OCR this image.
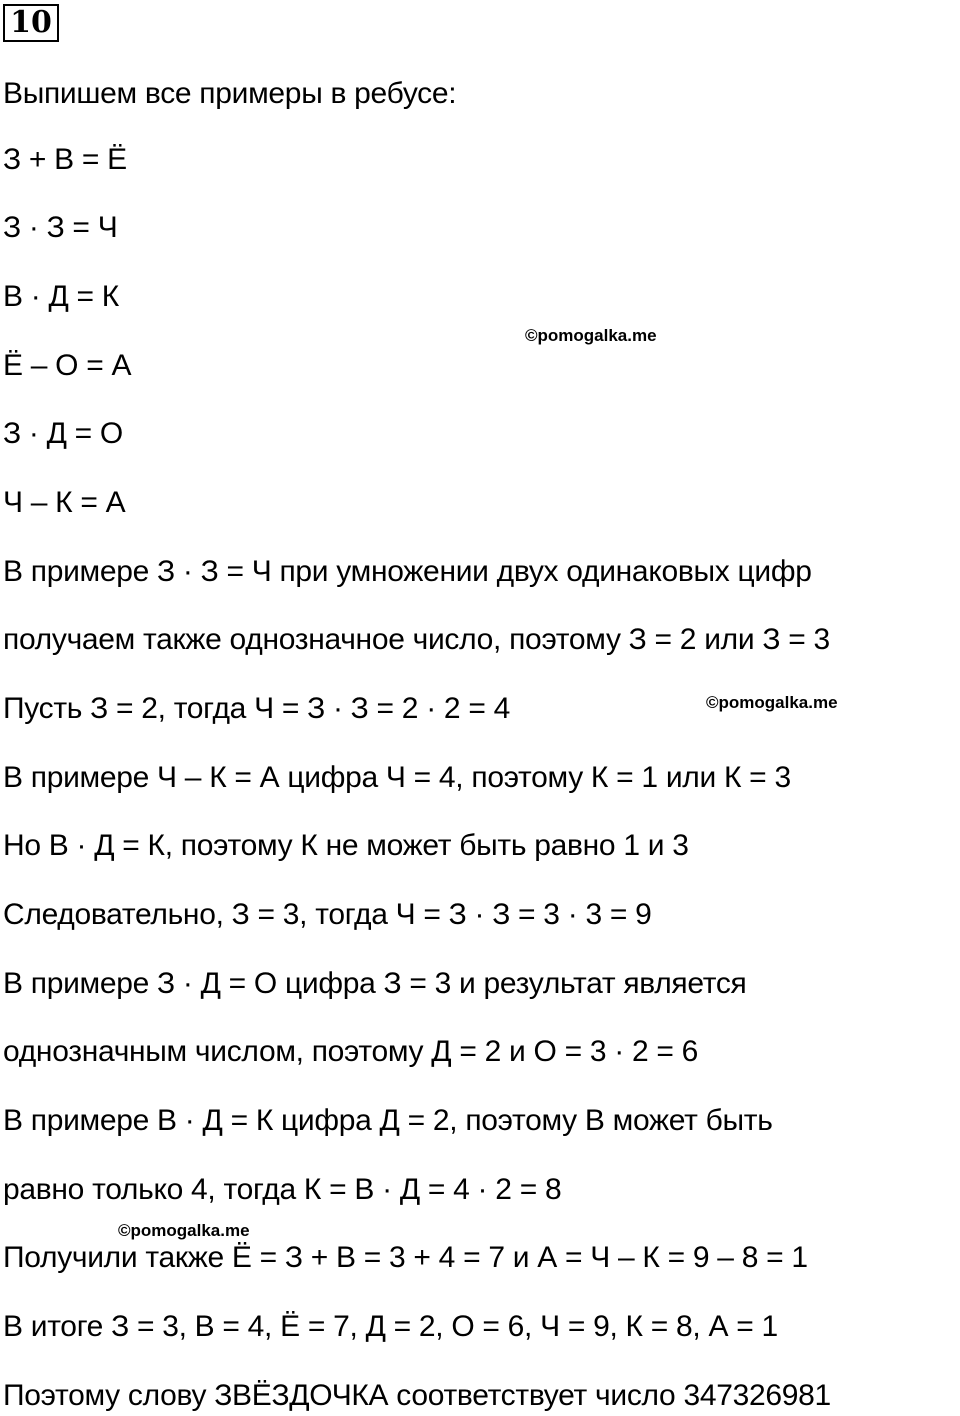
10
Выпишем все примеры в ребусе:
З + В = Ё
З · З = Ч
В · Д = К
Ё – О = А
З · Д = О
Ч – К = А
В примере З · З = Ч при умножении двух одинаковых цифр
получаем также однозначное число, поэтому З = 2 или З = 3
Пусть З = 2, тогда Ч = З · З = 2 · 2 = 4
В примере Ч – К = А цифра Ч = 4, поэтому К = 1 или К = 3
Но В · Д = К, поэтому К не может быть равно 1 и 3
Следовательно, З = 3, тогда Ч = З · З = 3 · 3 = 9
В примере З · Д = О цифра З = 3 и результат является
однозначным числом, поэтому Д = 2 и О = 3 · 2 = 6
В примере В · Д = К цифра Д = 2, поэтому В может быть
равно только 4, тогда К = В · Д = 4 · 2 = 8
Получили также Ё = З + В = 3 + 4 = 7 и А = Ч – К = 9 – 8 = 1
В итоге З = 3, В = 4, Ё = 7, Д = 2, О = 6, Ч = 9, К = 8, А = 1
Поэтому слову ЗВЁЗДОЧКА соответствует число 347326981
©pomogalka.me
©pomogalka.me
©pomogalka.me
